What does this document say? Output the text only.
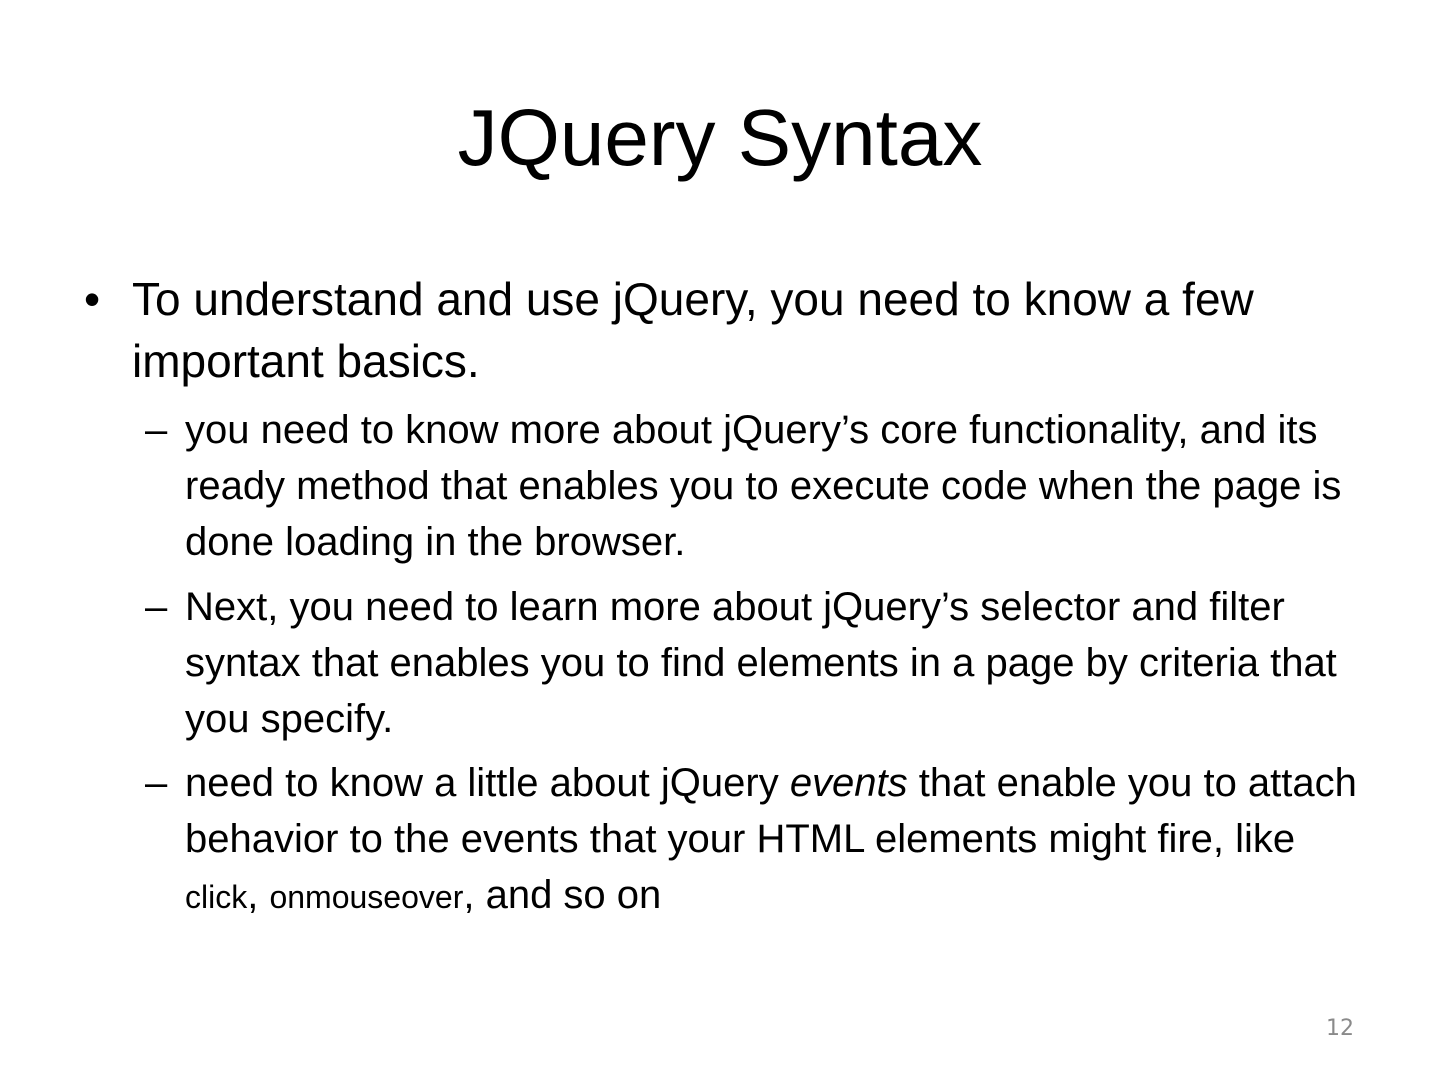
JQuery Syntax
• To understand and use jQuery, you need to know a few important basics.
– you need to know more about jQuery’s core functionality, and its ready method that enables you to execute code when the page is done loading in the browser.
– Next, you need to learn more about jQuery’s selector and filter syntax that enables you to find elements in a page by criteria that you specify.
– need to know a little about jQuery events that enable you to attach behavior to the events that your HTML elements might fire, like click, onmouseover, and so on
12
